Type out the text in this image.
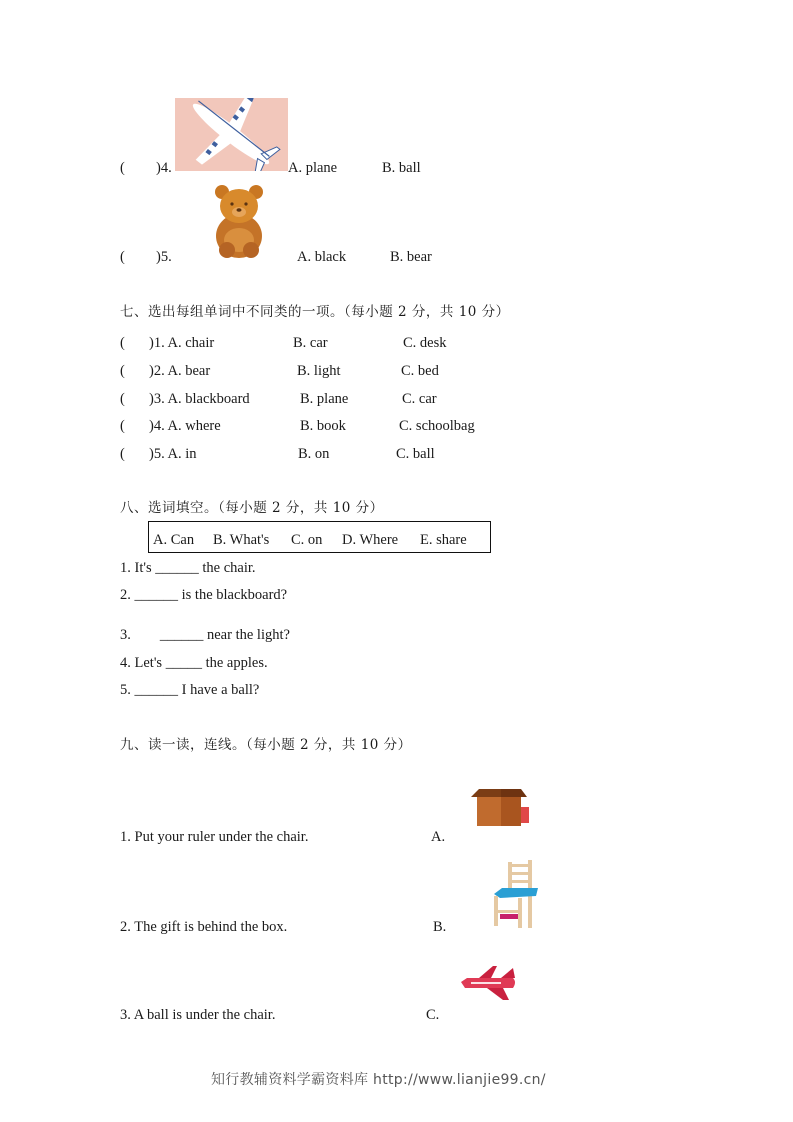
( )4.	A. plane	B. ball
( )5.	A. black	B. bear
七、选出每组单词中不同类的一项。（每小题 2 分，共 10 分）
( )1. A. chair	B. car	C. desk
( )2. A. bear	B. light	C. bed
( )3. A. blackboard	B. plane	C. car
( )4. A. where	B. book	C. schoolbag
( )5. A. in	B. on	C. ball
八、选词填空。（每小题 2 分，共 10 分）
A. Can B. What's C. on D. Where E. share
1. It's ______ the chair.
2. ______ is the blackboard?
3.        ______ near the light?
4. Let's _____ the apples.
5. ______ I have a ball?
九、读一读，连线。（每小题 2 分，共 10 分）
1. Put your ruler under the chair.	A.
2. The gift is behind the box.	B.
3. A ball is under the chair.	C.
知行教辅资料学霸资料库 http://www.lianjie99.cn/
